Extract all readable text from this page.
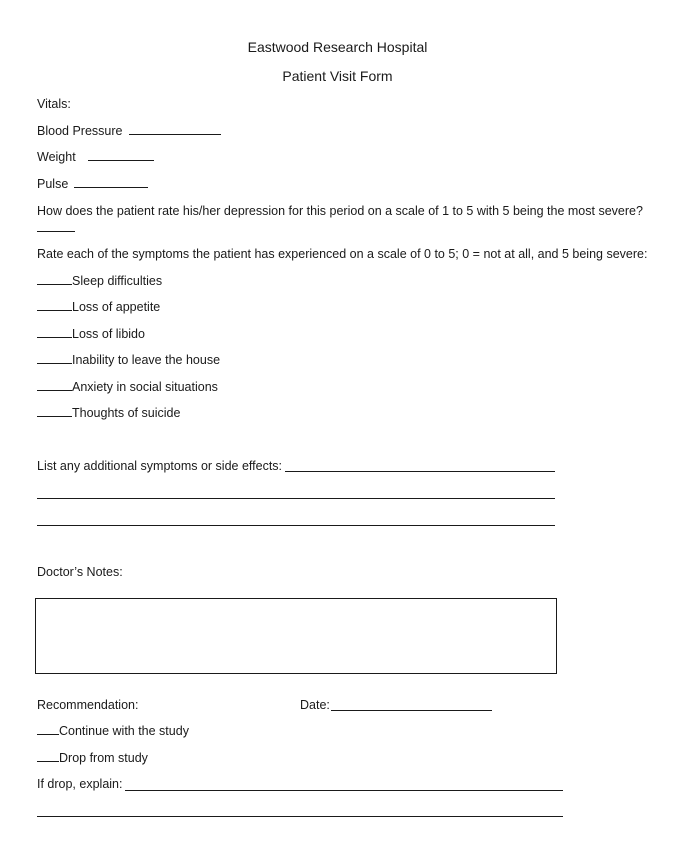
Eastwood Research Hospital
Patient Visit Form
Vitals:
Blood Pressure
Weight
Pulse
How does the patient rate his/her depression for this period on a scale of 1 to 5 with 5 being the most severe?
Rate each of the symptoms the patient has experienced on a scale of 0 to 5; 0 = not at all, and 5 being severe:
Sleep difficulties
Loss of appetite
Loss of libido
Inability to leave the house
Anxiety in social situations
Thoughts of suicide
List any additional symptoms or side effects:
Doctor’s Notes:
Recommendation:	Date:
Continue with the study
Drop from study
If drop, explain:
